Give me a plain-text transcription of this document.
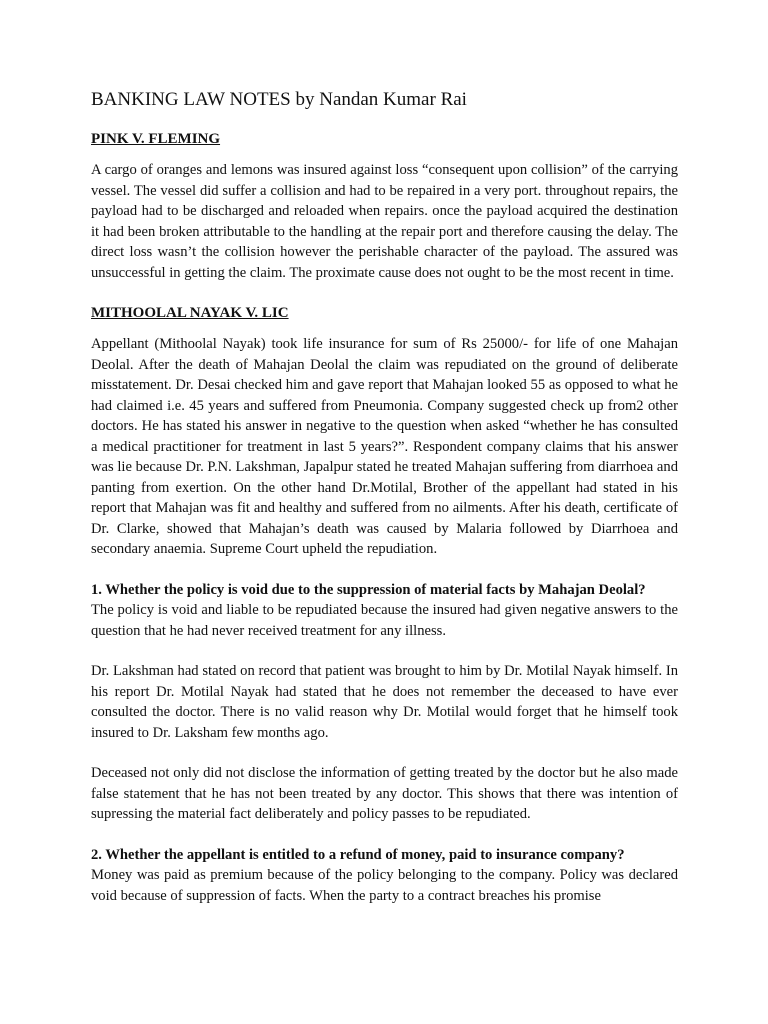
BANKING LAW NOTES by Nandan Kumar Rai
PINK V. FLEMING

A cargo of oranges and lemons was insured against loss “consequent upon collision” of the carrying vessel. The vessel did suffer a collision and had to be repaired in a very port. throughout repairs, the payload had to be discharged and reloaded when repairs. once the payload acquired the destination it had been broken attributable to the handling at the repair port and therefore causing the delay. The direct loss wasn’t the collision however the perishable character of the payload. The assured was unsuccessful in getting the claim. The proximate cause does not ought to be the most recent in time.

MITHOOLAL NAYAK V. LIC

Appellant (Mithoolal Nayak) took life insurance for sum of Rs 25000/- for life of one Mahajan Deolal. After the death of Mahajan Deolal the claim was repudiated on the ground of deliberate misstatement. Dr. Desai checked him and gave report that Mahajan looked 55 as opposed to what he had claimed i.e. 45 years and suffered from Pneumonia. Company suggested check up from2 other doctors. He has stated his answer in negative to the question when asked “whether he has consulted a medical practitioner for treatment in last 5 years?”. Respondent company claims that his answer was lie because Dr. P.N. Lakshman, Japalpur stated he treated Mahajan suffering from diarrhoea and panting from exertion. On the other hand Dr.Motilal, Brother of the appellant had stated in his report that Mahajan was fit and healthy and suffered from no ailments. After his death, certificate of Dr. Clarke, showed that Mahajan’s death was caused by Malaria followed by Diarrhoea and secondary anaemia. Supreme Court upheld the repudiation.

1. Whether the policy is void due to the suppression of material facts by Mahajan Deolal?

The policy is void and liable to be repudiated because the insured had given negative answers to the question that he had never received treatment for any illness.

Dr. Lakshman had stated on record that patient was brought to him by Dr. Motilal Nayak himself. In his report Dr. Motilal Nayak had stated that he does not remember the deceased to have ever consulted the doctor. There is no valid reason why Dr. Motilal would forget that he himself took insured to Dr. Laksham few months ago.

Deceased not only did not disclose the information of getting treated by the doctor but he also made false statement that he has not been treated by any doctor. This shows that there was intention of supressing the material fact deliberately and policy passes to be repudiated.

2. Whether the appellant is entitled to a refund of money, paid to insurance company?

Money was paid as premium because of the policy belonging to the company. Policy was declared void because of suppression of facts. When the party to a contract breaches his promise
